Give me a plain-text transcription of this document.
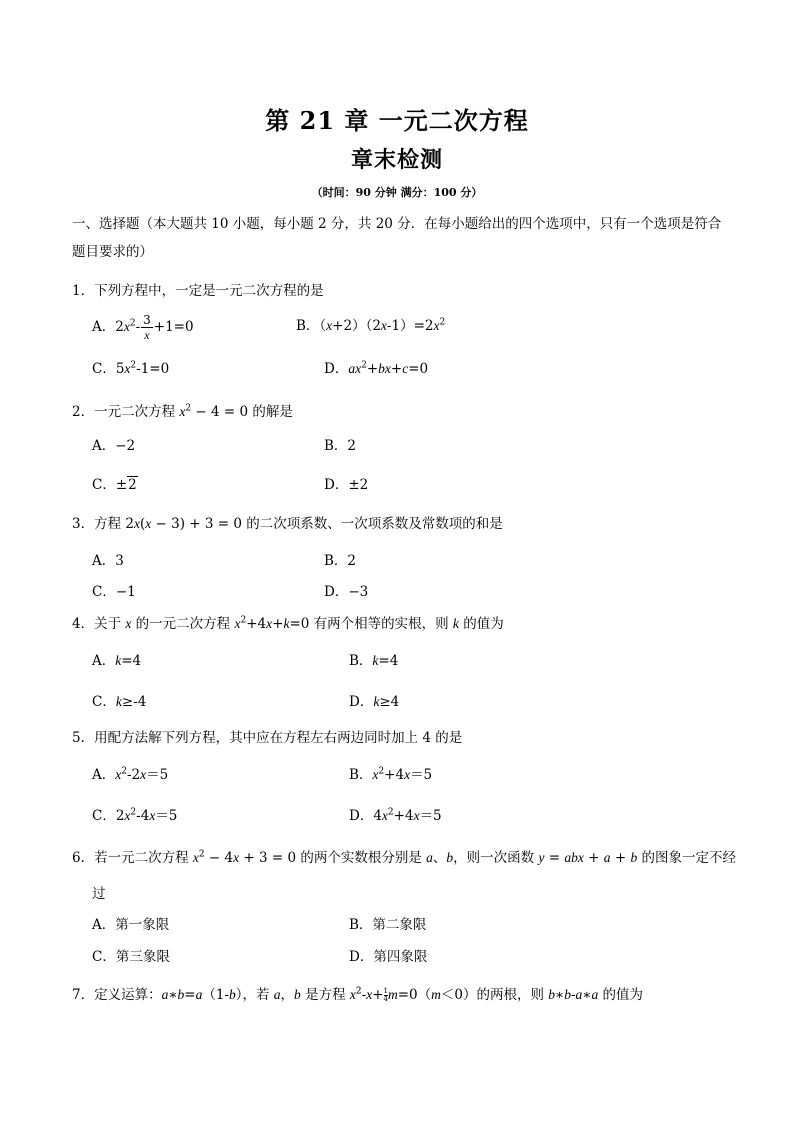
第 21 章 一元二次方程
章末检测
（时间：90 分钟 满分：100 分）
一、选择题（本大题共 10 小题，每小题 2 分，共 20 分．在每小题给出的四个选项中，只有一个选项是符合题目要求的）
1．下列方程中，一定是一元二次方程的是
A．$2x^2- \frac{3}{x} +1=0$	B．$(x+2)(2x-1)=2x^2$
C．$5x^2-1=0$	D．$ax^2+bx+c=0$
2．一元二次方程 $x^2 - 4 = 0$ 的解是
A．−2	B．2
C．±2	D．±2
3．方程 2x(x − 3) + 3 = 0 的二次项系数、一次项系数及常数项的和是
A．3	B．2
C．−1	D．−3
4．关于 x 的一元二次方程 $x^2+4x+k=0$ 有两个相等的实根，则 k 的值为
A．k=4	B．k=4
C．k≥-4	D．k≥4
5．用配方法解下列方程，其中应在方程左右两边同时加上 4 的是
A．$x^2-2x=5$	B．$x^2+4x=5$
C．$2x^2-4x=5$	D．$4x^2+4x=5$
6．若一元二次方程 $x^2 - 4x + 3 = 0$ 的两个实数根分别是 a、b，则一次函数 y = abx + a + b 的图象一定不经
过
A．第一象限	B．第二象限
C．第三象限	D．第四象限
7．定义运算：a∗b=a（1-b），若 a，b 是方程 $x^2-x+ \frac{1}{4} m=0(m<0)$的两根，则 b∗b-a∗a 的值为
